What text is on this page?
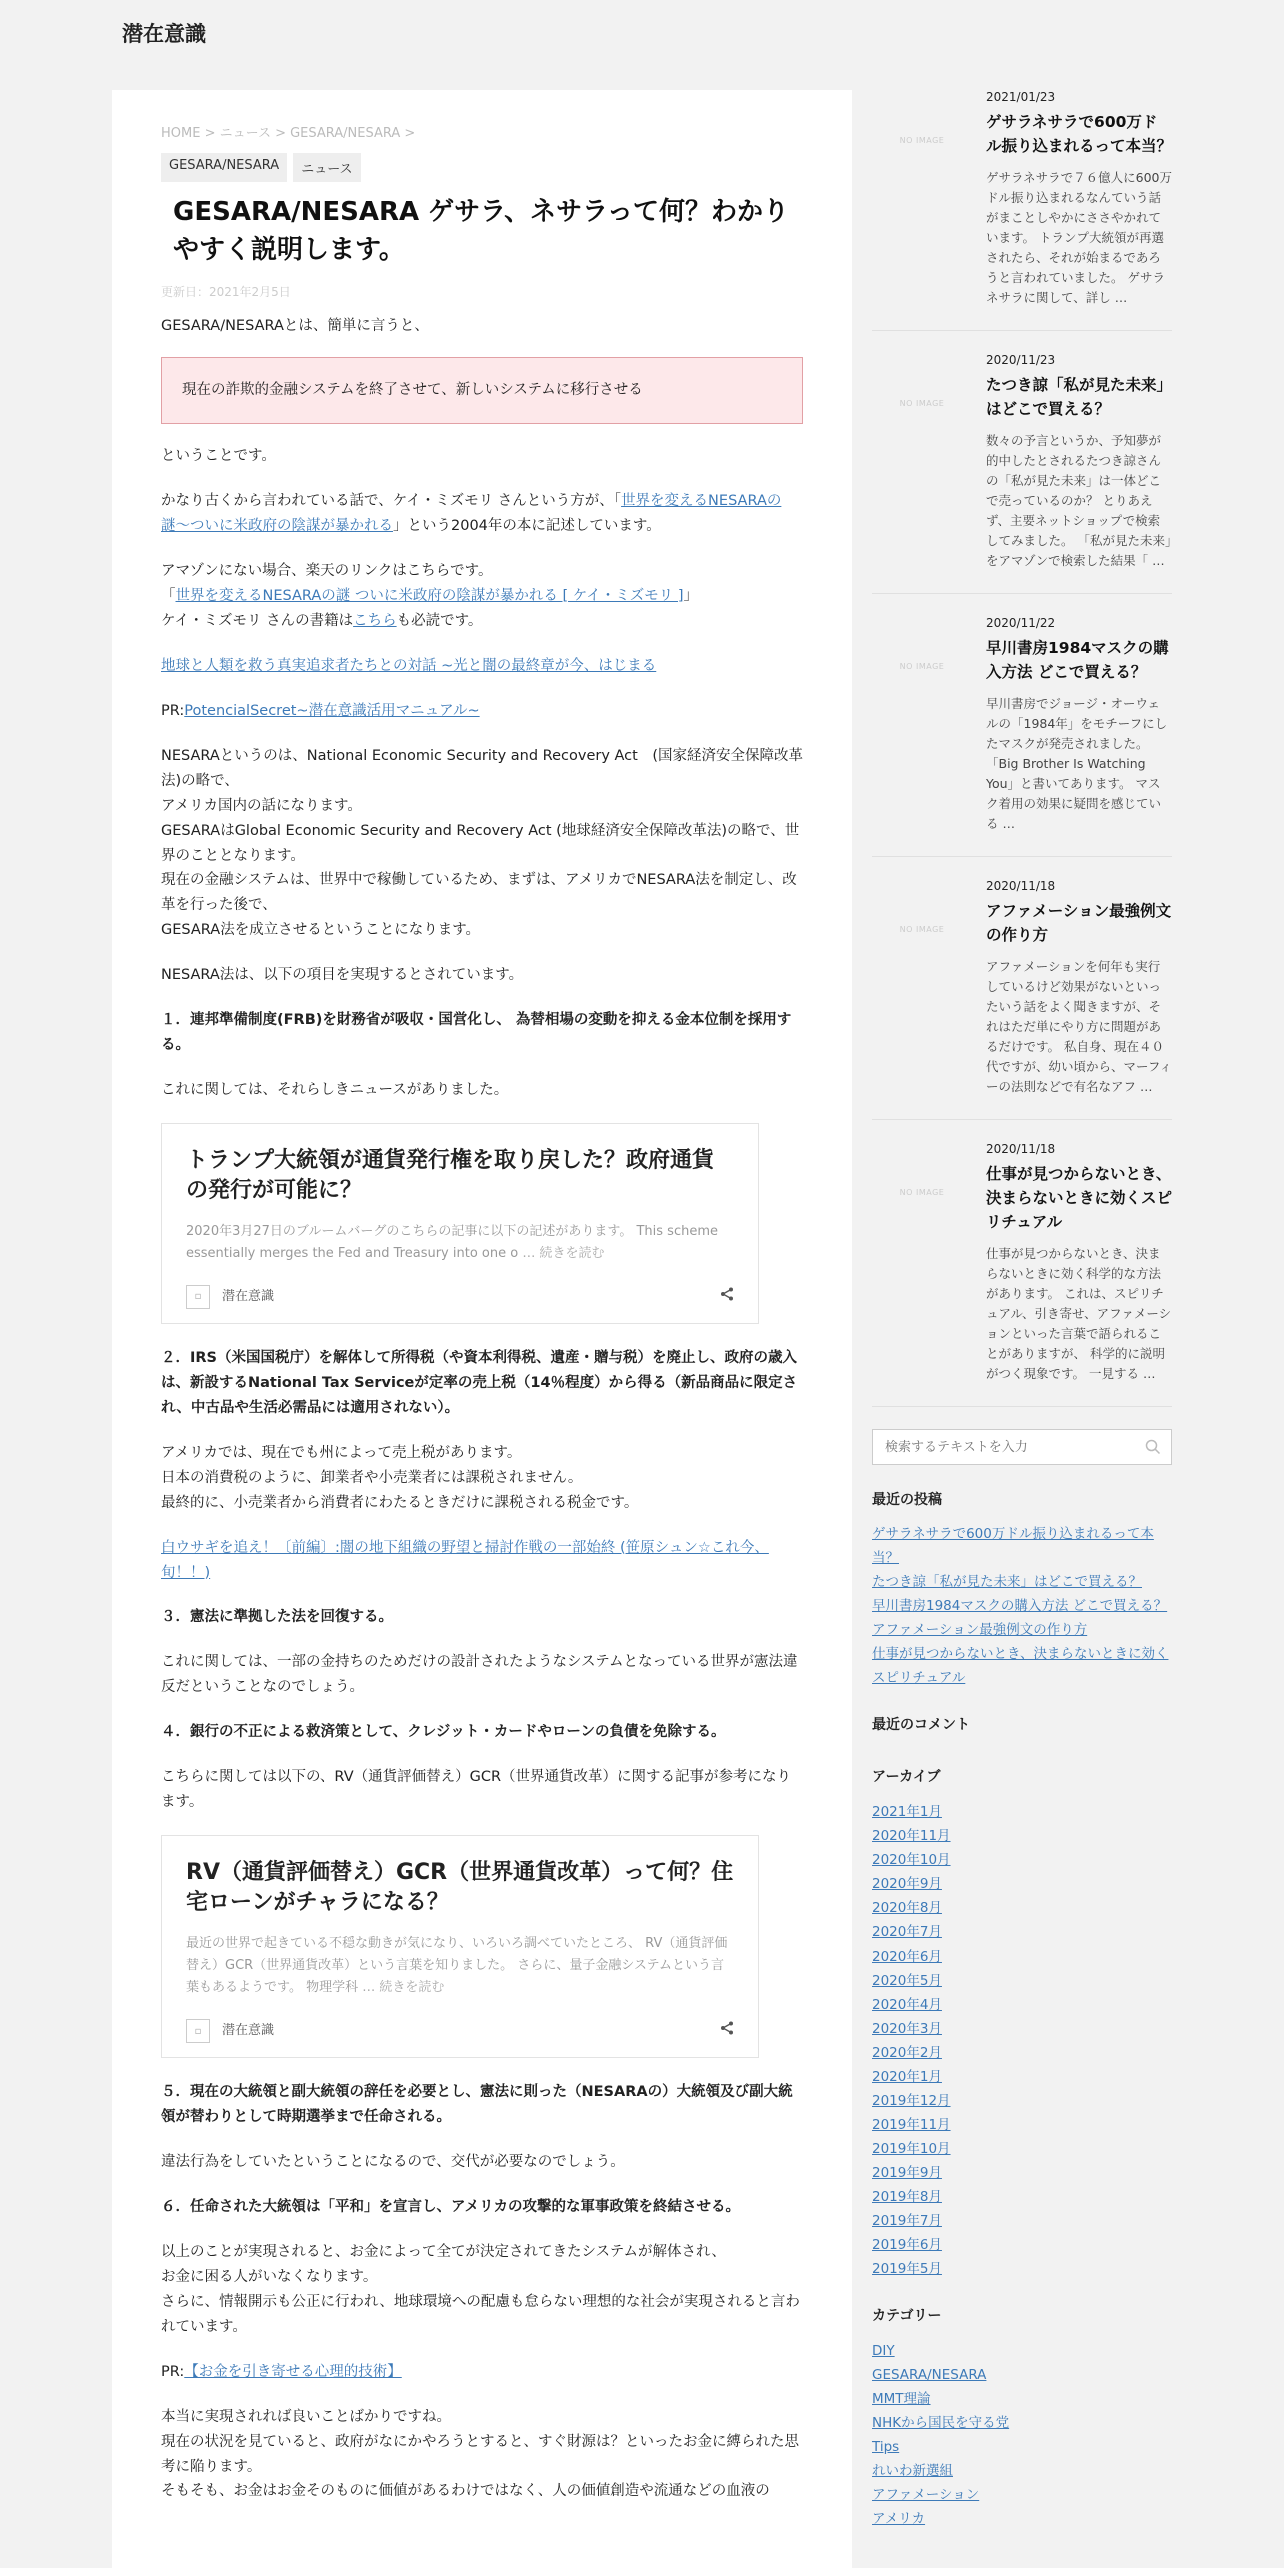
潜在意識
HOME > ニュース > GESARA/NESARA >
GESARA/NESARA	ニュース
GESARA/NESARA ゲサラ、ネサラって何？わかりやすく説明します。
更新日：2021年2月5日

GESARA/NESARAとは、簡単に言うと、

現在の詐欺的金融システムを終了させて、新しいシステムに移行させる

ということです。

かなり古くから言われている話で、ケイ・ミズモリ さんという方が、「世界を変えるNESARAの謎〜ついに米政府の陰謀が暴かれる」という2004年の本に記述しています。

アマゾンにない場合、楽天のリンクはこちらです。
「世界を変えるNESARAの謎 ついに米政府の陰謀が暴かれる [ ケイ・ミズモリ ]」
ケイ・ミズモリ さんの書籍はこちらも必読です。

地球と人類を救う真実追求者たちとの対話 ~光と闇の最終章が今、はじまる

PR:PotencialSecret~潜在意識活用マニュアル~

NESARAというのは、National Economic Security and Recovery Act　(国家経済安全保障改革法)の略で、
アメリカ国内の話になります。
GESARAはGlobal Economic Security and Recovery Act (地球経済安全保障改革法)の略で、世界のこととなります。
現在の金融システムは、世界中で稼働しているため、まずは、アメリカでNESARA法を制定し、改革を行った後で、
GESARA法を成立させるということになります。

NESARA法は、以下の項目を実現するとされています。

１．連邦準備制度(FRB)を財務省が吸収・国営化し、 為替相場の変動を抑える金本位制を採用する。

これに関しては、それらしきニュースがありました。

トランプ大統領が通貨発行権を取り戻した？政府通貨の発行が可能に？
2020年3月27日のブルームバーグのこちらの記事に以下の記述があります。 This scheme essentially merges the Fed and Treasury into one o … 続きを読む
▫	潜在意識

２．IRS（米国国税庁）を解体して所得税（や資本利得税、遺産・贈与税）を廃止し、政府の歳入は、新設するNational Tax Serviceが定率の売上税（14％程度）から得る（新品商品に限定され、中古品や生活必需品には適用されない）。

アメリカでは、現在でも州によって売上税があります。
日本の消費税のように、卸業者や小売業者には課税されません。
最終的に、小売業者から消費者にわたるときだけに課税される税金です。

白ウサギを追え！〔前編〕:闇の地下組織の野望と掃討作戦の一部始終 (笹原シュン☆これ今、旬！！)

３．憲法に準拠した法を回復する。

これに関しては、一部の金持ちのためだけの設計されたようなシステムとなっている世界が憲法違反だということなのでしょう。

４．銀行の不正による救済策として、クレジット・カードやローンの負債を免除する。

こちらに関しては以下の、RV（通貨評価替え）GCR（世界通貨改革）に関する記事が参考になります。

RV（通貨評価替え）GCR（世界通貨改革）って何？住宅ローンがチャラになる？
最近の世界で起きている不穏な動きが気になり、いろいろ調べていたところ、 RV（通貨評価替え）GCR（世界通貨改革）という言葉を知りました。 さらに、量子金融システムという言葉もあるようです。 物理学科 … 続きを読む
▫	潜在意識

５．現在の大統領と副大統領の辞任を必要とし、憲法に則った（NESARAの）大統領及び副大統領が替わりとして時期選挙まで任命される。

違法行為をしていたということになるので、交代が必要なのでしょう。

６．任命された大統領は「平和」を宣言し、アメリカの攻撃的な軍事政策を終結させる。

以上のことが実現されると、お金によって全てが決定されてきたシステムが解体され、
お金に困る人がいなくなります。
さらに、情報開示も公正に行われ、地球環境への配慮も怠らない理想的な社会が実現されると言われています。

PR:【お金を引き寄せる心理的技術】

本当に実現されれば良いことばかりですね。
現在の状況を見ていると、政府がなにかやろうとすると、すぐ財源は？といったお金に縛られた思考に陥ります。
そもそも、お金はお金そのものに価値があるわけではなく、人の価値創造や流通などの血液の

NO IMAGE
2021/01/23
ゲサラネサラで600万ドル振り込まれるって本当？
ゲサラネサラで７６億人に600万ドル振り込まれるなんていう話がまことしやかにささやかれています。 トランプ大統領が再選されたら、それが始まるであろうと言われていました。 ゲサラネサラに関して、詳し …
NO IMAGE
2020/11/23
たつき諒「私が見た未来」はどこで買える？
数々の予言というか、予知夢が的中したとされるたつき諒さんの「私が見た未来」は一体どこで売っているのか？ とりあえず、主要ネットショップで検索してみました。 「私が見た未来」をアマゾンで検索した結果「 …
NO IMAGE
2020/11/22
早川書房1984マスクの購入方法 どこで買える？
早川書房でジョージ・オーウェルの「1984年」をモチーフにしたマスクが発売されました。 「Big Brother Is Watching You」と書いてあります。 マスク着用の効果に疑問を感じている …
NO IMAGE
2020/11/18
アファメーション最強例文の作り方
アファメーションを何年も実行しているけど効果がないといったいう話をよく聞きますが、それはただ単にやり方に問題があるだけです。 私自身、現在４０代ですが、幼い頃から、マーフィーの法則などで有名なアフ …
NO IMAGE
2020/11/18
仕事が見つからないとき、決まらないときに効くスピリチュアル
仕事が見つからないとき、決まらないときに効く科学的な方法があります。 これは、スピリチュアル、引き寄せ、アファメーションといった言葉で語られることがありますが、 科学的に説明がつく現象です。 一見する …
検索するテキストを入力
最近の投稿
ゲサラネサラで600万ドル振り込まれるって本当？
たつき諒「私が見た未来」はどこで買える？
早川書房1984マスクの購入方法 どこで買える？
アファメーション最強例文の作り方
仕事が見つからないとき、決まらないときに効くスピリチュアル
最近のコメント
アーカイブ
2021年1月
2020年11月
2020年10月
2020年9月
2020年8月
2020年7月
2020年6月
2020年5月
2020年4月
2020年3月
2020年2月
2020年1月
2019年12月
2019年11月
2019年10月
2019年9月
2019年8月
2019年7月
2019年6月
2019年5月
カテゴリー
DIY
GESARA/NESARA
MMT理論
NHKから国民を守る党
Tips
れいわ新選組
アファメーション
アメリカ
